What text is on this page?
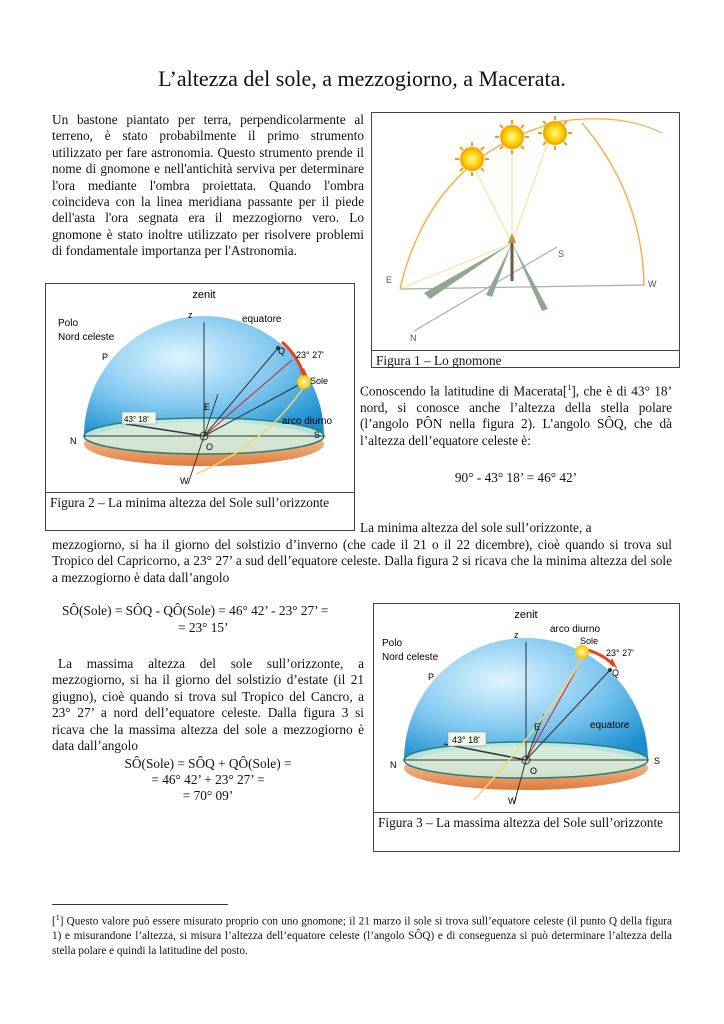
L’altezza del sole, a mezzogiorno, a Macerata.
Un bastone piantato per terra, perpendicolarmente al terreno, è stato probabilmente il primo strumento utilizzato per fare astronomia. Questo strumento prende il nome di gnomone e nell'antichità serviva per determinare l'ora mediante l'ombra proiettata. Quando l'ombra coincideva con la linea meridiana passante per il piede dell'asta l'ora segnata era il mezzogiorno vero. Lo gnomone è stato inoltre utilizzato per risolvere problemi di fondamentale importanza per l'Astronomia.
E
S
N
W
Figura 1 – Lo gnomone
zenit
z
Polo
Nord celeste
P
equatore
Q 23° 27'
Sole
E
43° 18'	arco diurno
S
N
O
W
Figura 2 – La minima altezza del Sole sull’orizzonte
Conoscendo la latitudine di Macerata[$^1$], che è di 43° 18’ nord, si conosce anche l’altezza della stella polare (l’angolo PÔN nella figura 2). L’angolo SÔQ, che dà l’altezza dell’equatore celeste è:
90° - 43° 18’ = 46° 42’
La minima altezza del sole sull’orizzonte, a
mezzogiorno, si ha il giorno del solstizio d’inverno (che cade il 21 o il 22 dicembre), cioè quando si trova sul Tropico del Capricorno, a 23° 27’ a sud dell’equatore celeste. Dalla figura 2 si ricava che la minima altezza del sole a mezzogiorno è data dall’angolo
SÔ(Sole) = SÔQ - QÔ(Sole) = 46° 42’ - 23° 27’ =
= 23° 15’
La massima altezza del sole sull’orizzonte, a mezzogiorno, si ha il giorno del solstizio d’estate (il 21 giugno), cioè quando si trova sul Tropico del Cancro, a 23° 27’ a nord dell’equatore celeste. Dalla figura 3 si ricava che la massima altezza del sole a mezzogiorno è data dall’angolo
SÔ(Sole) = SÔQ + QÔ(Sole) =
= 46° 42’ + 23° 27’ =
= 70° 09’
zenit
z	arco diurno
Sole
Polo
Nord celeste
P
23° 27'
Q
E	equatore
43° 18'
N	S
O
W
Figura 3 – La massima altezza del Sole sull’orizzonte
[$^1$] Questo valore può essere misurato proprio con uno gnomone; il 21 marzo il sole si trova sull’equatore celeste (il punto Q della figura 1) e misurandone l’altezza, si misura l’altezza dell’equatore celeste (l’angolo SÔQ) e di conseguenza si può determinare l’altezza della stella polare e quindi la latitudine del posto.
